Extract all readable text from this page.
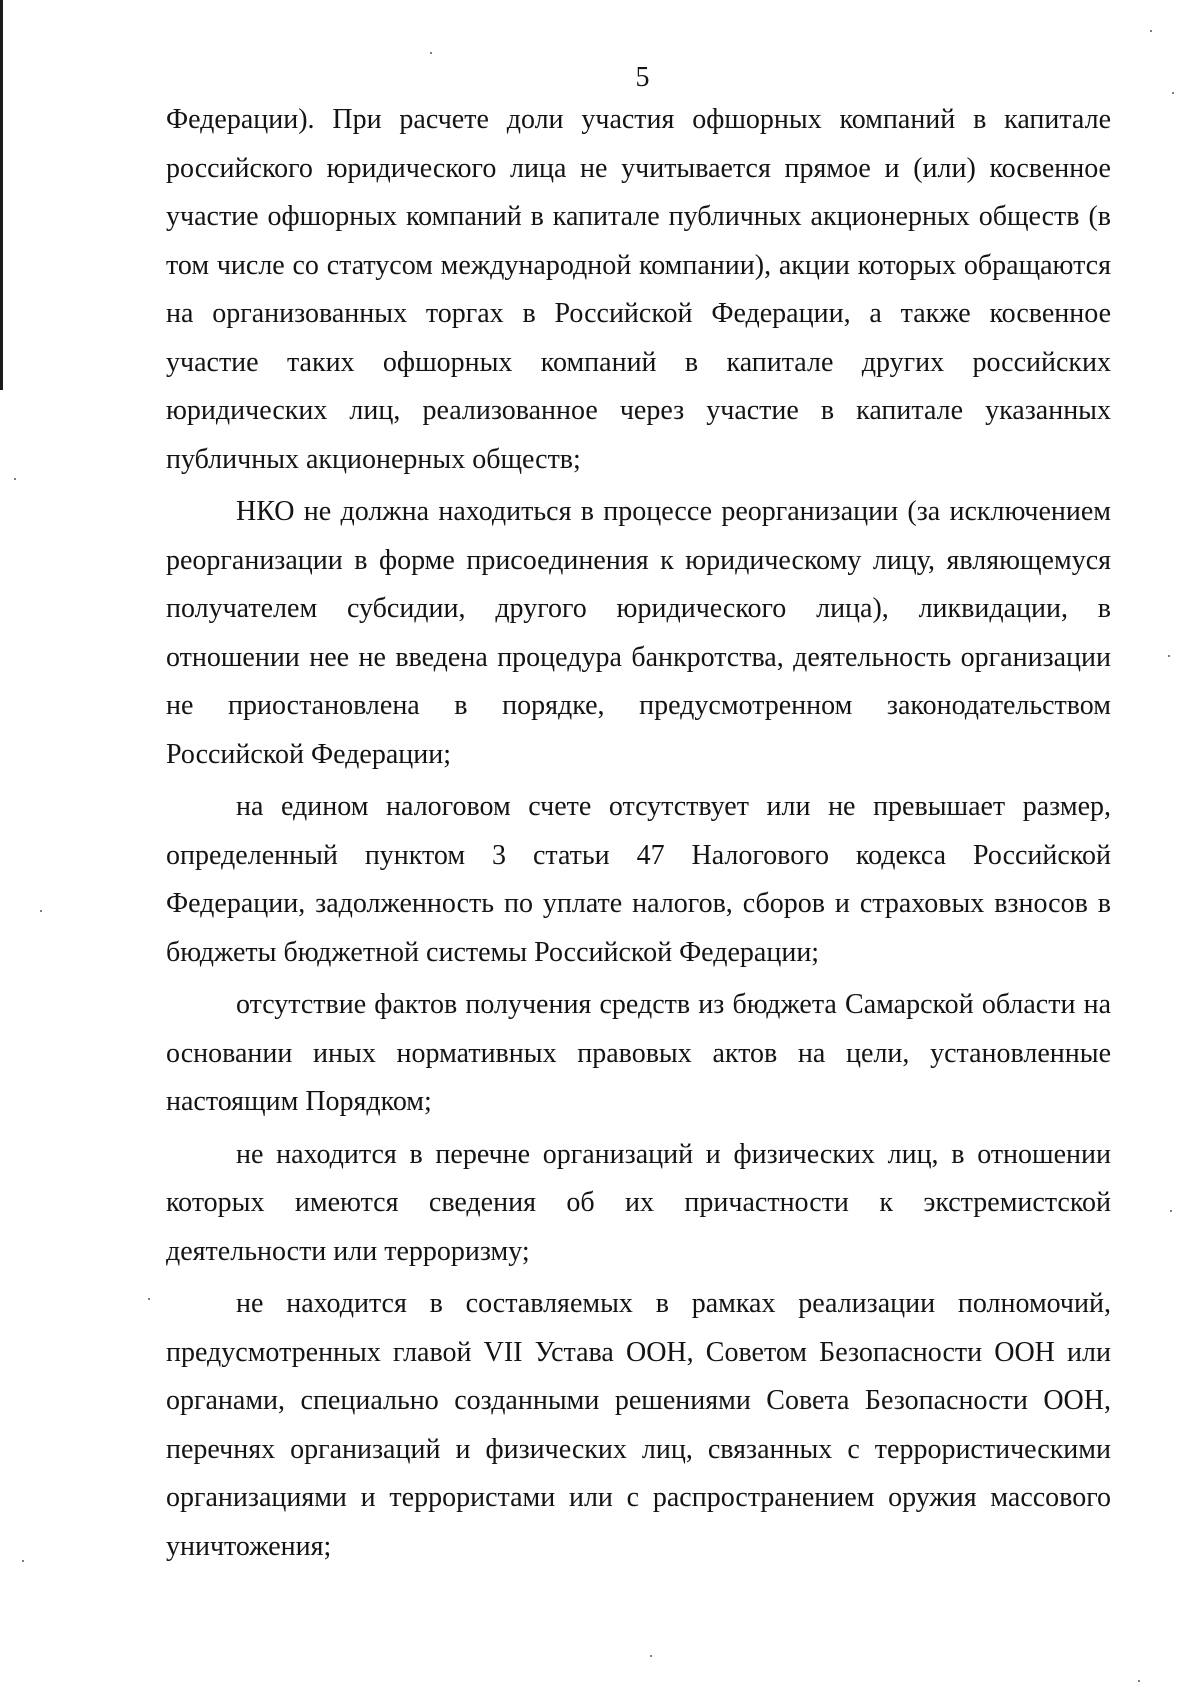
5

Федерации). При расчете доли участия офшорных компаний в капитале российского юридического лица не учитывается прямое и (или) косвенное участие офшорных компаний в капитале публичных акционерных обществ (в том числе со статусом международной компании), акции которых обращаются на организованных торгах в Российской Федерации, а также косвенное участие таких офшорных компаний в капитале других российских юридических лиц, реализованное через участие в капитале указанных публичных акционерных обществ;

НКО не должна находиться в процессе реорганизации (за исключением реорганизации в форме присоединения к юридическому лицу, являющемуся получателем субсидии, другого юридического лица), ликвидации, в отношении нее не введена процедура банкротства, деятельность организации не приостановлена в порядке, предусмотренном законодательством Российской Федерации;

на едином налоговом счете отсутствует или не превышает размер, определенный пунктом 3 статьи 47 Налогового кодекса Российской Федерации, задолженность по уплате налогов, сборов и страховых взносов в бюджеты бюджетной системы Российской Федерации;

отсутствие фактов получения средств из бюджета Самарской области на основании иных нормативных правовых актов на цели, установленные настоящим Порядком;

не находится в перечне организаций и физических лиц, в отношении которых имеются сведения об их причастности к экстремистской деятельности или терроризму;

не находится в составляемых в рамках реализации полномочий, предусмотренных главой VII Устава ООН, Советом Безопасности ООН или органами, специально созданными решениями Совета Безопасности ООН, перечнях организаций и физических лиц, связанных с террористическими организациями и террористами или с распространением оружия массового уничтожения;
